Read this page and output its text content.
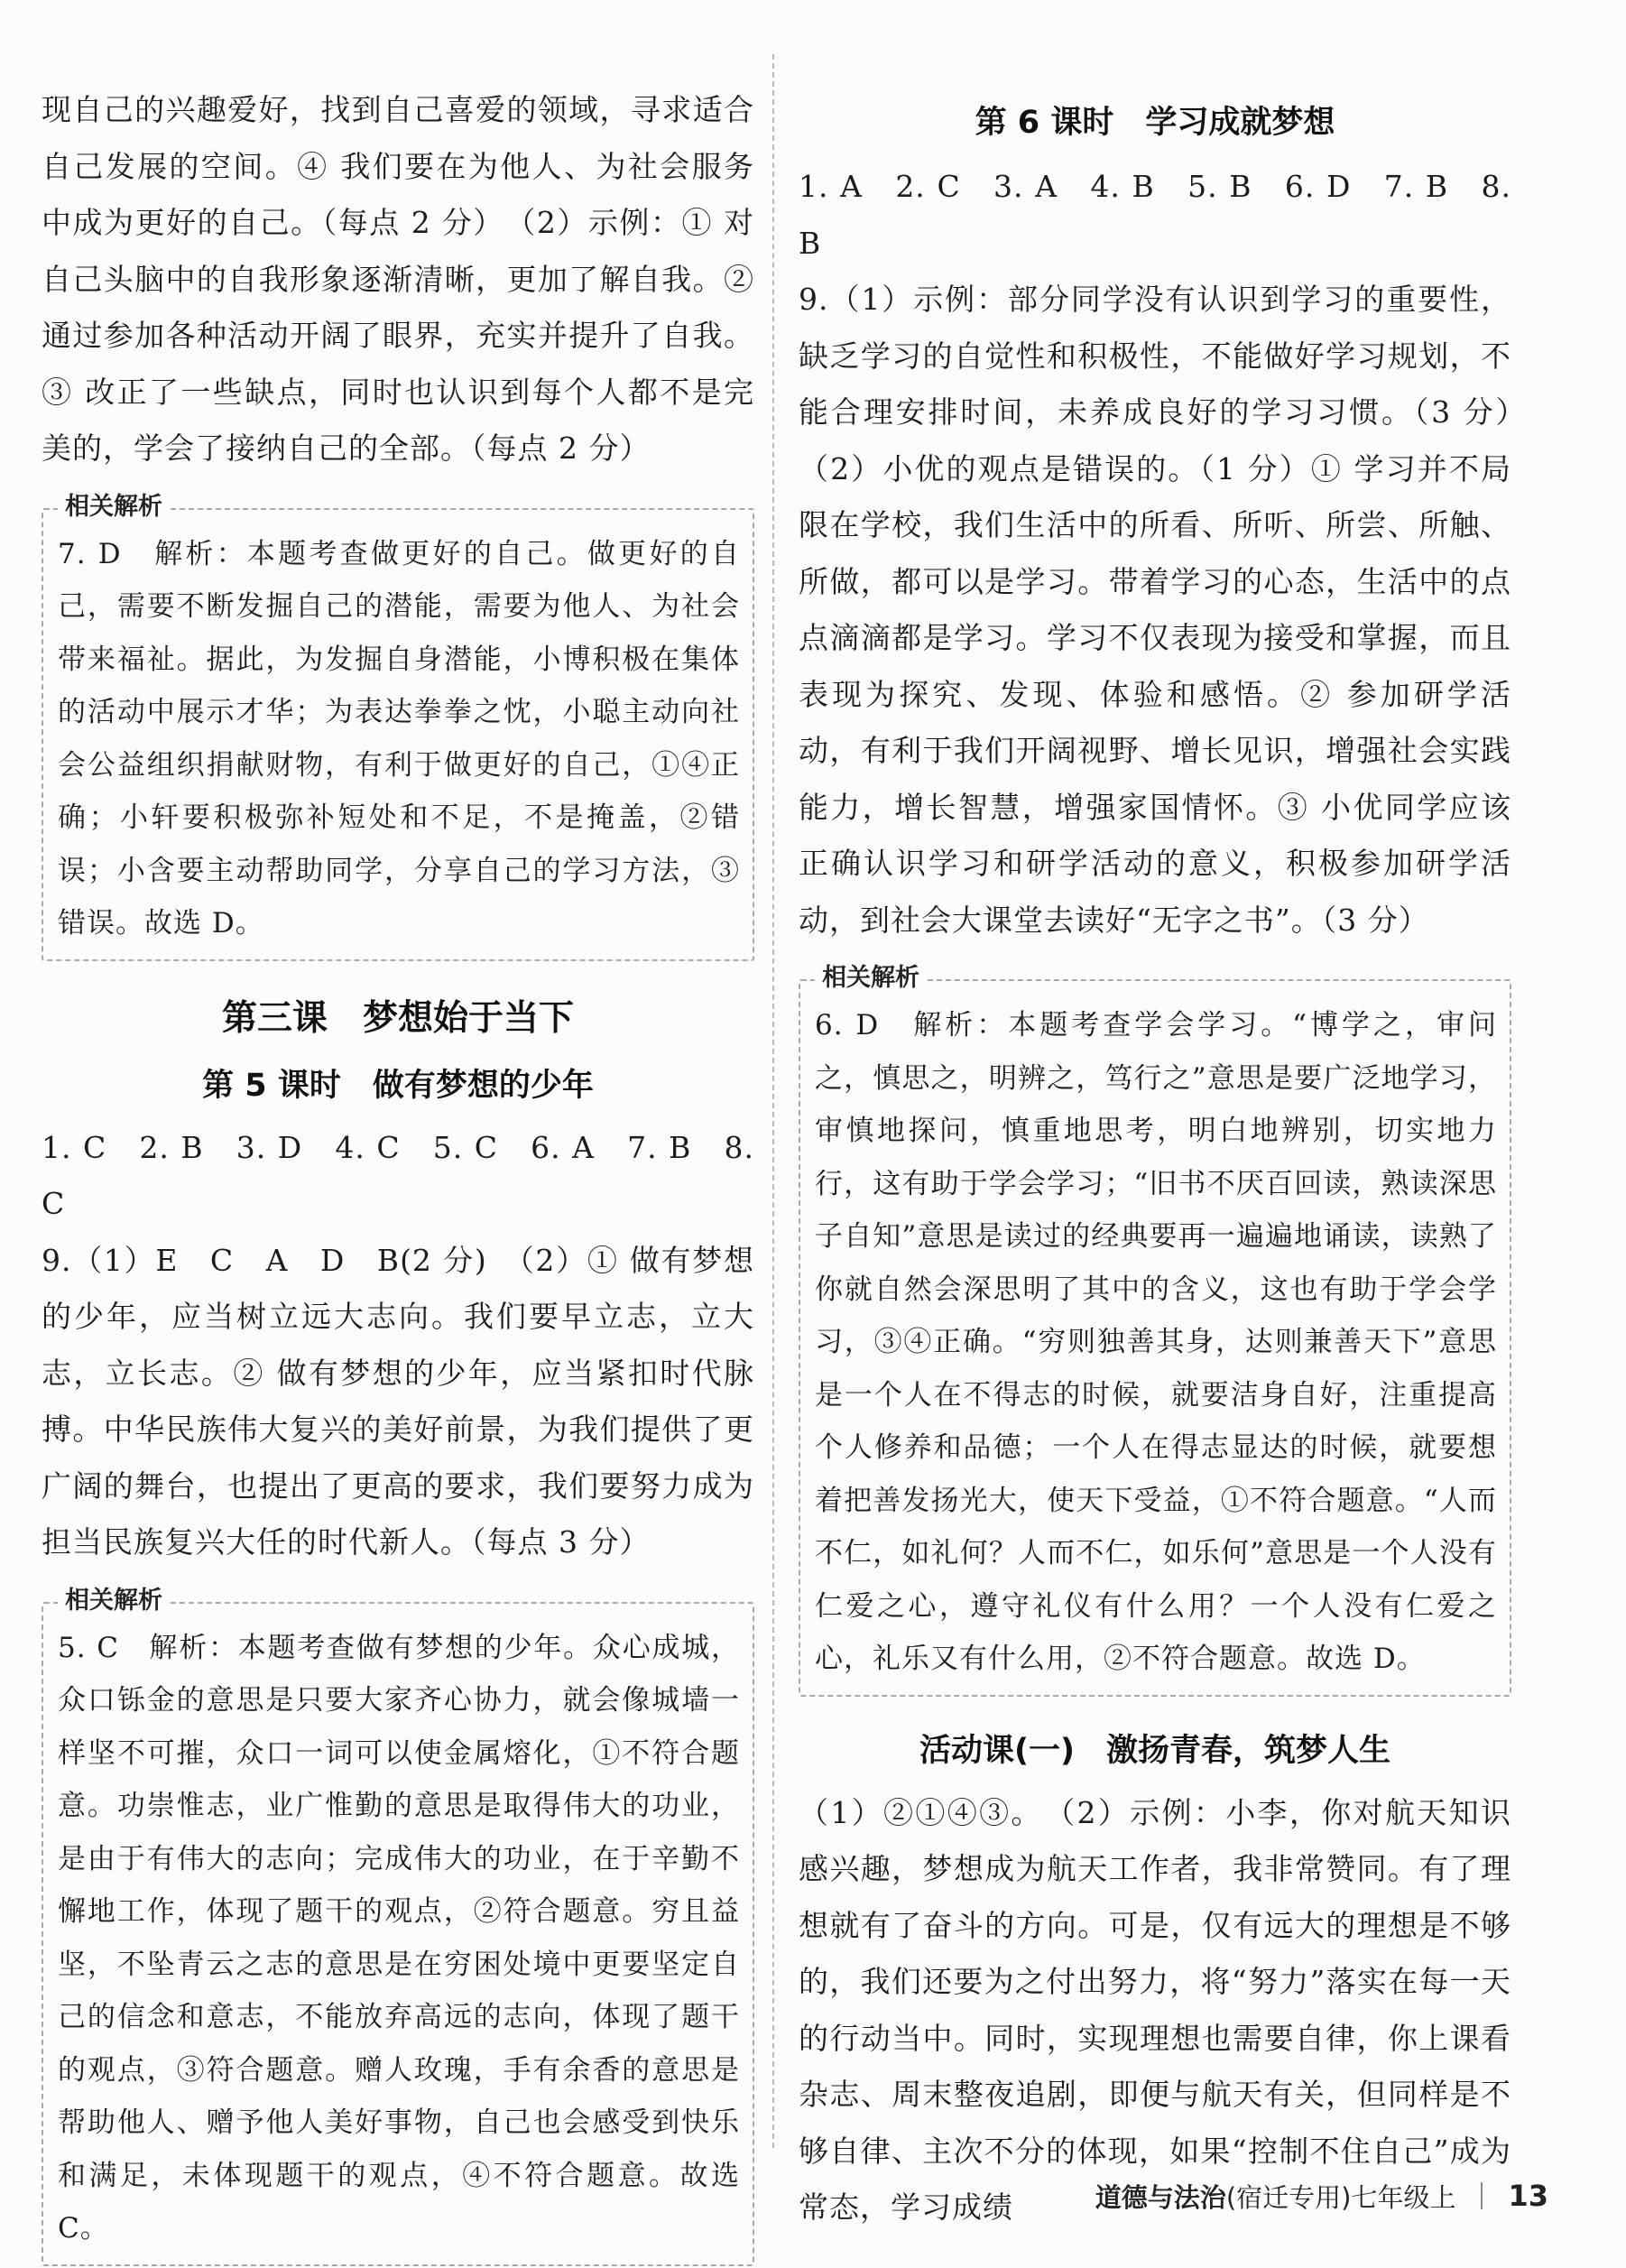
现自己的兴趣爱好，找到自己喜爱的领域，寻求适合自己发展的空间。④ 我们要在为他人、为社会服务中成为更好的自己。（每点 2 分）　（2）示例：① 对自己头脑中的自我形象逐渐清晰，更加了解自我。② 通过参加各种活动开阔了眼界，充实并提升了自我。③ 改正了一些缺点，同时也认识到每个人都不是完美的，学会了接纳自己的全部。（每点 2 分）

相关解析

7. D　解析：本题考查做更好的自己。做更好的自己，需要不断发掘自己的潜能，需要为他人、为社会带来福祉。据此，为发掘自身潜能，小博积极在集体的活动中展示才华；为表达拳拳之忱，小聪主动向社会公益组织捐献财物，有利于做更好的自己，①④正确；小轩要积极弥补短处和不足，不是掩盖，②错误；小含要主动帮助同学，分享自己的学习方法，③错误。故选 D。

第三课　梦想始于当下
第 5 课时　做有梦想的少年

1. C　2. B　3. D　4. C　5. C　6. A　7. B　8. C

9.（1）E　C　A　D　B(2 分)　（2）① 做有梦想的少年，应当树立远大志向。我们要早立志，立大志，立长志。② 做有梦想的少年，应当紧扣时代脉搏。中华民族伟大复兴的美好前景，为我们提供了更广阔的舞台，也提出了更高的要求，我们要努力成为担当民族复兴大任的时代新人。（每点 3 分）

相关解析

5. C　解析：本题考查做有梦想的少年。众心成城，众口铄金的意思是只要大家齐心协力，就会像城墙一样坚不可摧，众口一词可以使金属熔化，①不符合题意。功崇惟志，业广惟勤的意思是取得伟大的功业，是由于有伟大的志向；完成伟大的功业，在于辛勤不懈地工作，体现了题干的观点，②符合题意。穷且益坚，不坠青云之志的意思是在穷困处境中更要坚定自己的信念和意志，不能放弃高远的志向，体现了题干的观点，③符合题意。赠人玫瑰，手有余香的意思是帮助他人、赠予他人美好事物，自己也会感受到快乐和满足，未体现题干的观点，④不符合题意。故选 C。

第 6 课时　学习成就梦想

1. A　2. C　3. A　4. B　5. B　6. D　7. B　8. B

9.（1）示例：部分同学没有认识到学习的重要性，缺乏学习的自觉性和积极性，不能做好学习规划，不能合理安排时间，未养成良好的学习习惯。（3 分）　（2）小优的观点是错误的。（1 分）① 学习并不局限在学校，我们生活中的所看、所听、所尝、所触、所做，都可以是学习。带着学习的心态，生活中的点点滴滴都是学习。学习不仅表现为接受和掌握，而且表现为探究、发现、体验和感悟。② 参加研学活动，有利于我们开阔视野、增长见识，增强社会实践能力，增长智慧，增强家国情怀。③ 小优同学应该正确认识学习和研学活动的意义，积极参加研学活动，到社会大课堂去读好“无字之书”。（3 分）

相关解析

6. D　解析：本题考查学会学习。“博学之，审问之，慎思之，明辨之，笃行之”意思是要广泛地学习，审慎地探问，慎重地思考，明白地辨别，切实地力行，这有助于学会学习；“旧书不厌百回读，熟读深思子自知”意思是读过的经典要再一遍遍地诵读，读熟了你就自然会深思明了其中的含义，这也有助于学会学习，③④正确。“穷则独善其身，达则兼善天下”意思是一个人在不得志的时候，就要洁身自好，注重提高个人修养和品德；一个人在得志显达的时候，就要想着把善发扬光大，使天下受益，①不符合题意。“人而不仁，如礼何？人而不仁，如乐何”意思是一个人没有仁爱之心，遵守礼仪有什么用？一个人没有仁爱之心，礼乐又有什么用，②不符合题意。故选 D。

活动课(一)　激扬青春，筑梦人生

（1）②①④③。　（2）示例：小李，你对航天知识感兴趣，梦想成为航天工作者，我非常赞同。有了理想就有了奋斗的方向。可是，仅有远大的理想是不够的，我们还要为之付出努力，将“努力”落实在每一天的行动当中。同时，实现理想也需要自律，你上课看杂志、周末整夜追剧，即便与航天有关，但同样是不够自律、主次不分的体现，如果“控制不住自己”成为常态，学习成绩	道德与法治 (宿迁专用) 七年级上 13
